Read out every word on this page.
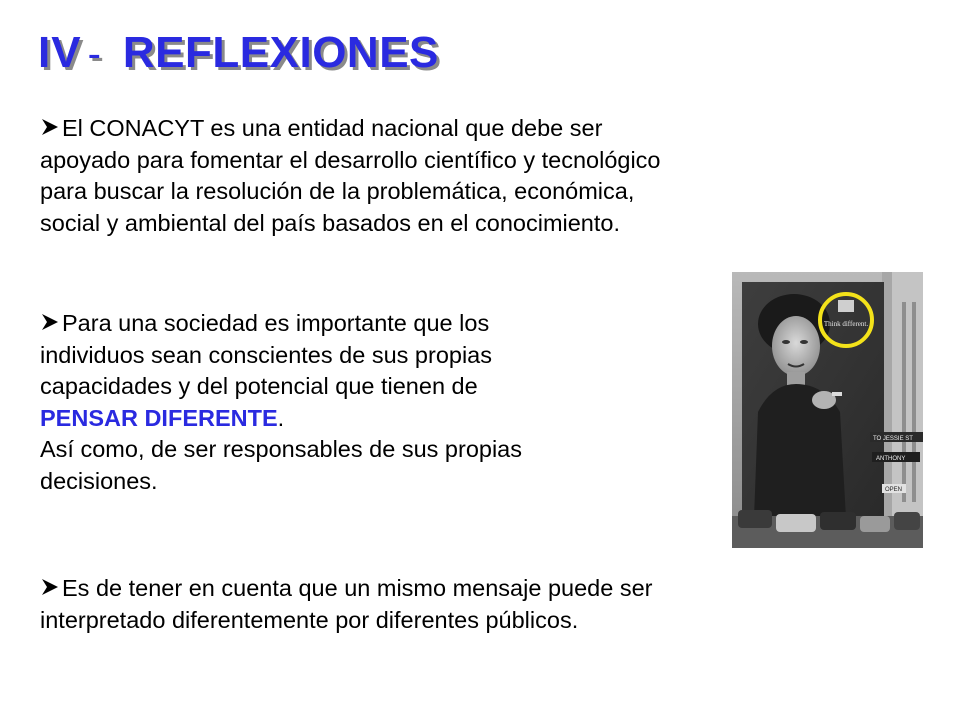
IV - REFLEXIONES
El CONACYT es una entidad nacional que debe ser
apoyado para fomentar el desarrollo científico y tecnológico
para buscar la resolución de la problemática, económica,
social y ambiental del país basados en el conocimiento.
Para una sociedad es importante que los
individuos sean conscientes de sus propias
capacidades y del potencial que tienen de
PENSAR DIFERENTE.
Así como, de ser responsables de sus propias
decisiones.
Es de tener en cuenta que un mismo mensaje puede ser
interpretado diferentemente por diferentes públicos.
Think different.
TO JESSIE ST
ANTHONY
OPEN
